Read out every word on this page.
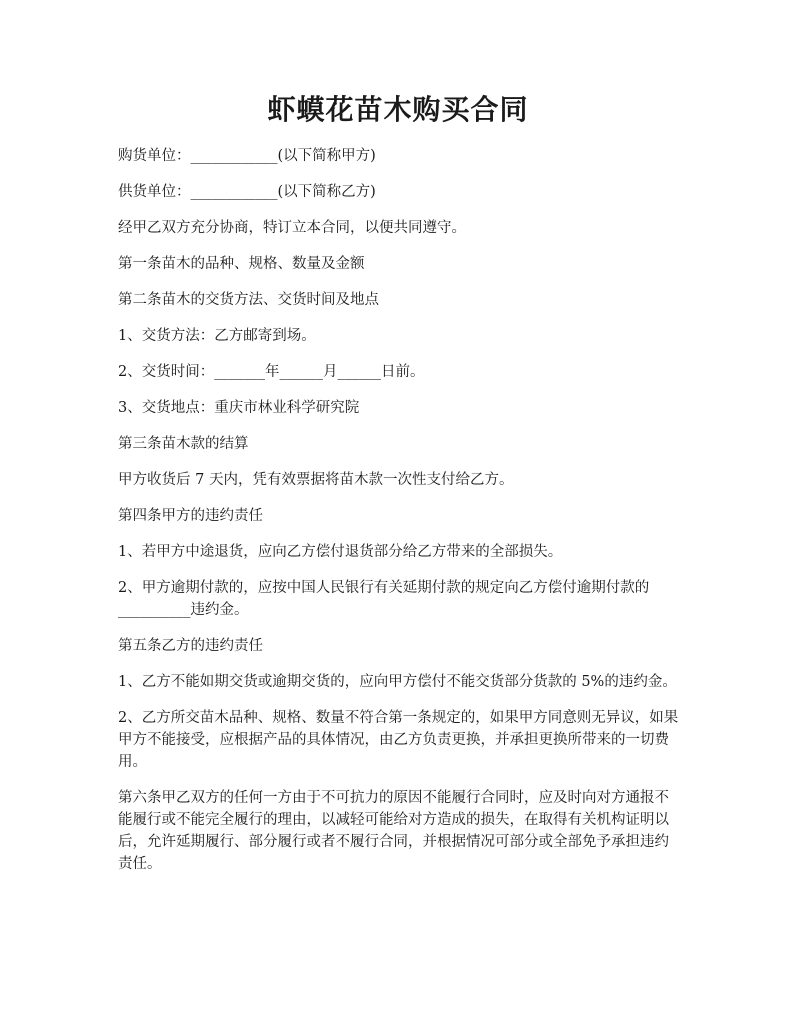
虾蟆花苗木购买合同

购货单位：____________(以下简称甲方)

供货单位：____________(以下简称乙方)

经甲乙双方充分协商，特订立本合同，以便共同遵守。

第一条苗木的品种、规格、数量及金额

第二条苗木的交货方法、交货时间及地点

1、交货方法：乙方邮寄到场。

2、交货时间：_______年______月______日前。

3、交货地点：重庆市林业科学研究院

第三条苗木款的结算

甲方收货后 7 天内，凭有效票据将苗木款一次性支付给乙方。

第四条甲方的违约责任

1、若甲方中途退货，应向乙方偿付退货部分给乙方带来的全部损失。

2、甲方逾期付款的，应按中国人民银行有关延期付款的规定向乙方偿付逾期付款的__________违约金。

第五条乙方的违约责任

1、乙方不能如期交货或逾期交货的，应向甲方偿付不能交货部分货款的 5%的违约金。

2、乙方所交苗木品种、规格、数量不符合第一条规定的，如果甲方同意则无异议，如果甲方不能接受，应根据产品的具体情况，由乙方负责更换，并承担更换所带来的一切费用。

第六条甲乙双方的任何一方由于不可抗力的原因不能履行合同时，应及时向对方通报不能履行或不能完全履行的理由，以减轻可能给对方造成的损失，在取得有关机构证明以后，允许延期履行、部分履行或者不履行合同，并根据情况可部分或全部免予承担违约责任。
